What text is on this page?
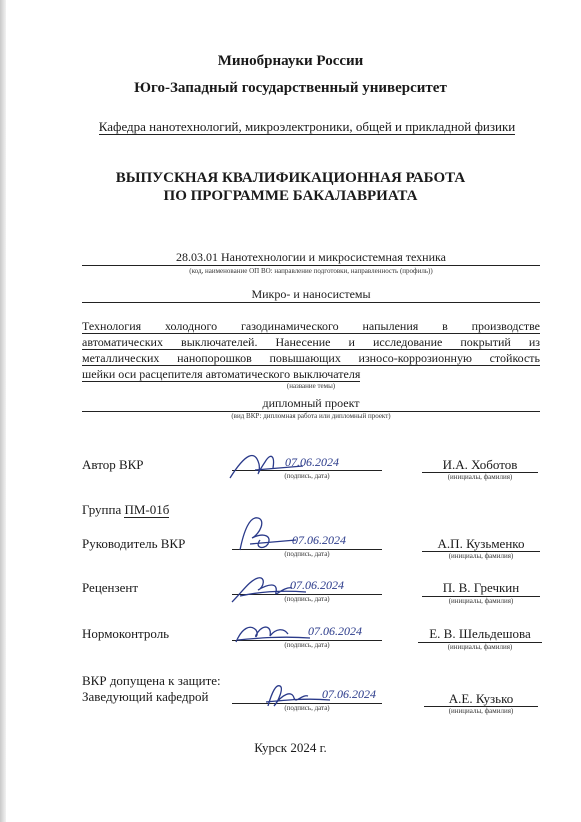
Минобрнауки России
Юго-Западный государственный университет
Кафедра нанотехнологий, микроэлектроники, общей и прикладной физики
ВЫПУСКНАЯ КВАЛИФИКАЦИОННАЯ РАБОТА
ПО ПРОГРАММЕ БАКАЛАВРИАТА
28.03.01 Нанотехнологии и микросистемная техника
(код, наименование ОП ВО: направление подготовки, направленность (профиль))
Микро- и наносистемы
Технология холодного газодинамического напыления в производстве
автоматических выключателей. Нанесение и исследование покрытий из
металлических нанопорошков повышающих износо-коррозионную стойкость
шейки оси расцепителя автоматического выключателя
(название темы)
дипломный проект
(вид ВКР: дипломная работа или дипломный проект)
Автор ВКР
(подпись, дата)
07.06.2024	И.А. Хоботов
(инициалы, фамилия)
Группа ПМ-01б
Руководитель ВКР
(подпись, дата)
07.06.2024	А.П. Кузьменко
(инициалы, фамилия)
Рецензент
(подпись, дата)
07.06.2024	П. В. Гречкин
(инициалы, фамилия)
Нормоконтроль
(подпись, дата)
07.06.2024	Е. В. Шельдешова
(инициалы, фамилия)
ВКР допущена к защите:
Заведующий кафедрой
(подпись, дата)
07.06.2024	А.Е. Кузько
(инициалы, фамилия)
Курск 2024 г.
